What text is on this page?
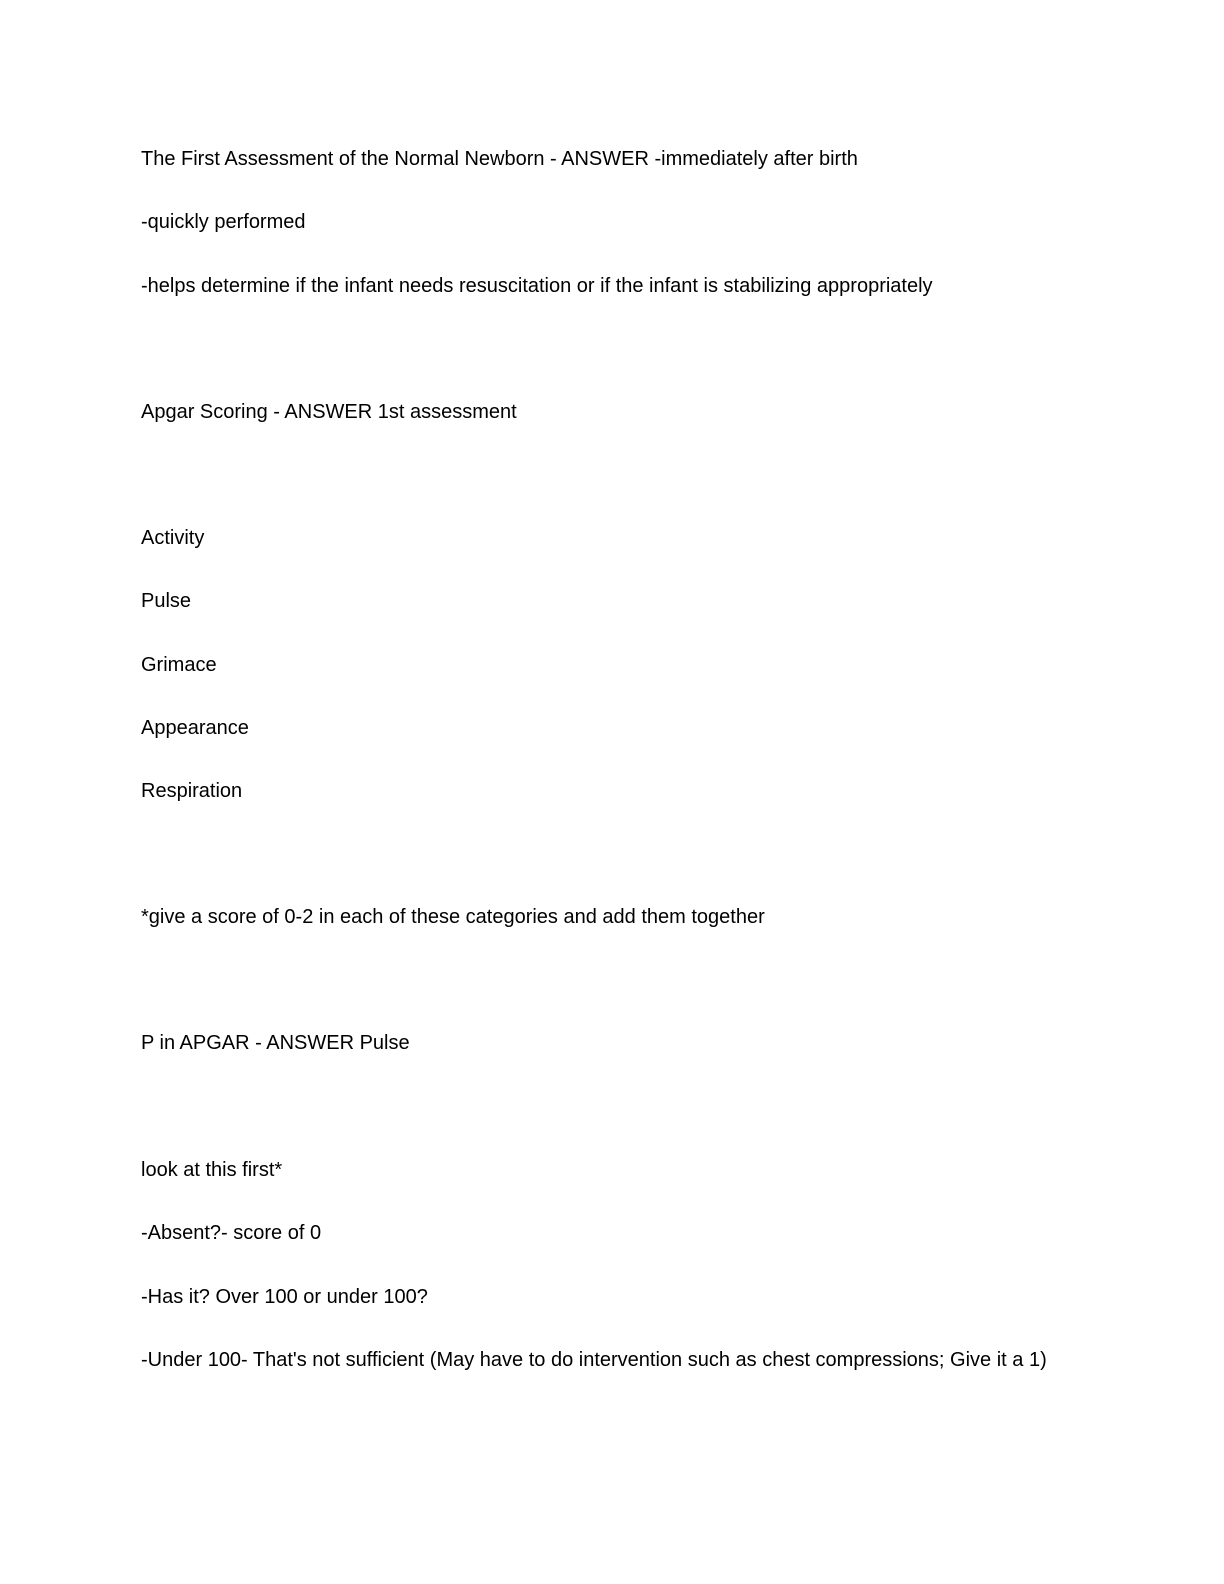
The First Assessment of the Normal Newborn - ANSWER -immediately after birth
-quickly performed
-helps determine if the infant needs resuscitation or if the infant is stabilizing appropriately
Apgar Scoring - ANSWER 1st assessment
Activity
Pulse
Grimace
Appearance
Respiration
*give a score of 0-2 in each of these categories and add them together
P in APGAR - ANSWER Pulse
look at this first*
-Absent?- score of 0
-Has it? Over 100 or under 100?
-Under 100- That's not sufficient (May have to do intervention such as chest compressions; Give it a 1)
